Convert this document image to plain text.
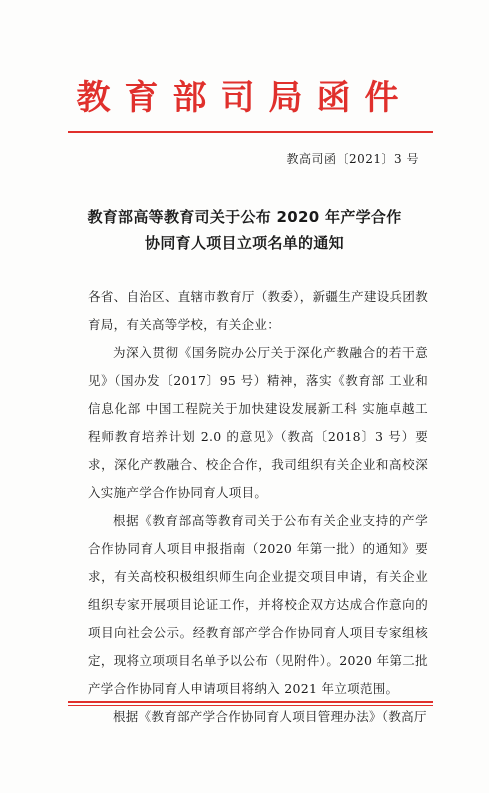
教育部司局函件
教高司函〔2021〕3 号
教育部高等教育司关于公布 2020 年产学合作
协同育人项目立项名单的通知

各省、自治区、直辖市教育厅（教委），新疆生产建设兵团教育局，有关高等学校，有关企业：

为深入贯彻《国务院办公厅关于深化产教融合的若干意见》（国办发〔2017〕95 号）精神，落实《教育部 工业和信息化部 中国工程院关于加快建设发展新工科 实施卓越工程师教育培养计划 2.0 的意见》（教高〔2018〕3 号）要求，深化产教融合、校企合作，我司组织有关企业和高校深入实施产学合作协同育人项目。

根据《教育部高等教育司关于公布有关企业支持的产学合作协同育人项目申报指南（2020 年第一批）的通知》要求，有关高校积极组织师生向企业提交项目申请，有关企业组织专家开展项目论证工作，并将校企双方达成合作意向的项目向社会公示。经教育部产学合作协同育人项目专家组核定，现将立项项目名单予以公布（见附件）。2020 年第二批产学合作协同育人申请项目将纳入 2021 年立项范围。

根据《教育部产学合作协同育人项目管理办法》（教高厅
